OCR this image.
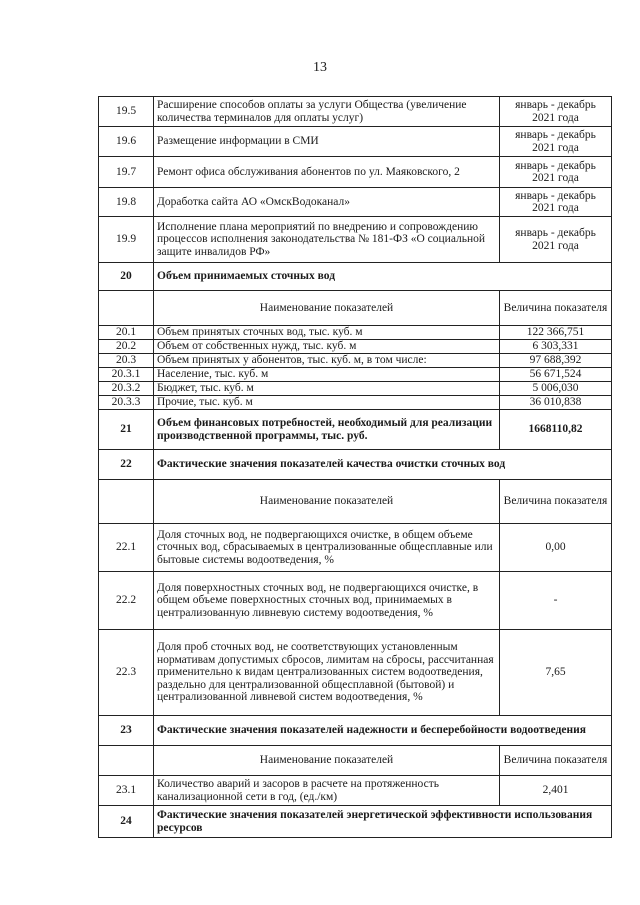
13
19.5	Расширение способов оплаты за услуги Общества (увеличение количества терминалов для оплаты услуг)	январь - декабрь 2021 года
19.6	Размещение информации в СМИ	январь - декабрь 2021 года
19.7	Ремонт офиса обслуживания абонентов по ул. Маяковского, 2	январь - декабрь 2021 года
19.8	Доработка сайта АО «ОмскВодоканал»	январь - декабрь 2021 года
19.9	Исполнение плана мероприятий по внедрению и сопровождению процессов исполнения законодательства № 181-ФЗ «О социальной защите инвалидов РФ»	январь - декабрь 2021 года
20	Объем принимаемых сточных вод	
	Наименование показателей	Величина показателя
20.1	Объем принятых сточных вод, тыс. куб. м	122 366,751
20.2	Объем от собственных нужд, тыс. куб. м	6 303,331
20.3	Объем принятых у абонентов, тыс. куб. м, в том числе:	97 688,392
20.3.1	Население, тыс. куб. м	56 671,524
20.3.2	Бюджет, тыс. куб. м	5 006,030
20.3.3	Прочие, тыс. куб. м	36 010,838
21	Объем финансовых потребностей, необходимый для реализации производственной программы, тыс. руб.	1668110,82
22	Фактические значения показателей качества очистки сточных вод	
	Наименование показателей	Величина показателя
22.1	Доля сточных вод, не подвергающихся очистке, в общем объеме сточных вод, сбрасываемых в централизованные общесплавные или бытовые системы водоотведения, %	0,00
22.2	Доля поверхностных сточных вод, не подвергающихся очистке, в общем объеме поверхностных сточных вод, принимаемых в централизованную ливневую систему водоотведения, %	-
22.3	Доля проб сточных вод, не соответствующих установленным нормативам допустимых сбросов, лимитам на сбросы, рассчитанная применительно к видам централизованных систем водоотведения, раздельно для централизованной общесплавной (бытовой) и централизованной ливневой систем водоотведения, %	7,65
23	Фактические значения показателей надежности и бесперебойности водоотведения	
	Наименование показателей	Величина показателя
23.1	Количество аварий и засоров в расчете на протяженность канализационной сети в год, (ед./км)	2,401
24	Фактические значения показателей энергетической эффективности использования ресурсов	
